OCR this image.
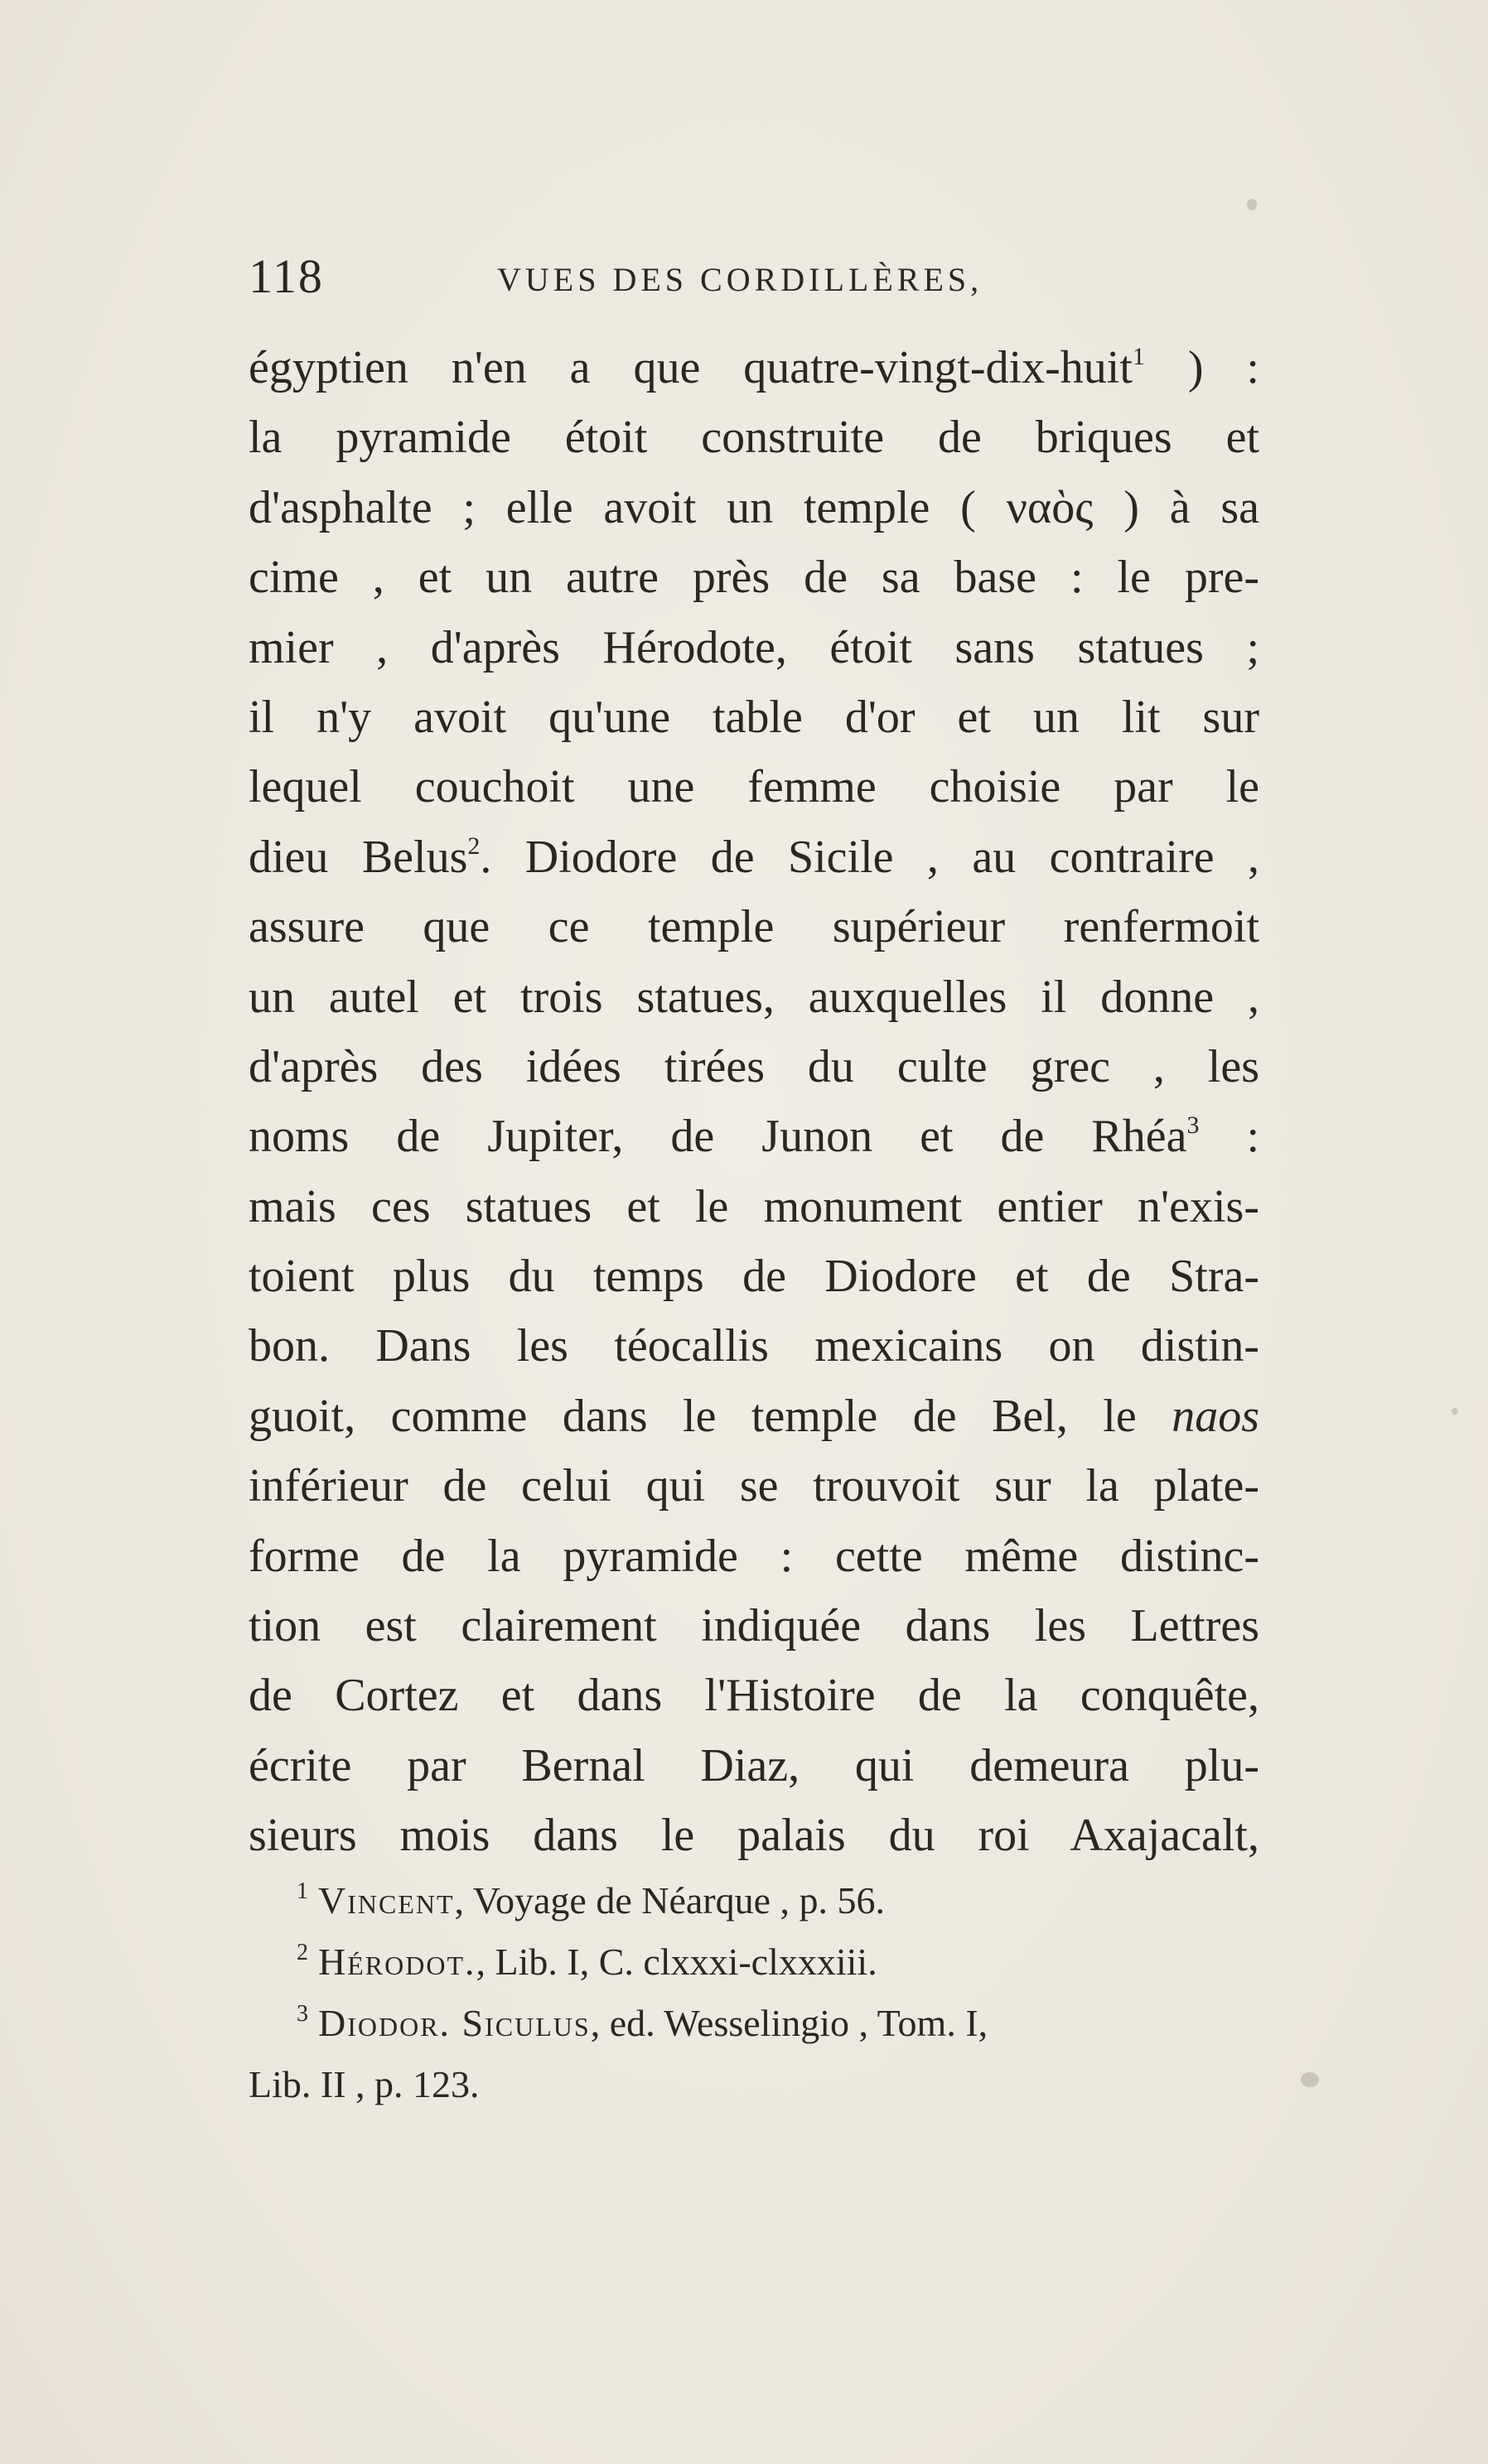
118	VUES DES CORDILLÈRES,
égyptien n'en a que quatre-vingt-dix-huit$^1$ ) :
la pyramide étoit construite de briques et
d'asphalte ; elle avoit un temple ( ναὸς ) à sa
cime , et un autre près de sa base : le pre-
mier , d'après Hérodote, étoit sans statues ;
il n'y avoit qu'une table d'or et un lit sur
lequel couchoit une femme choisie par le
dieu Belus$^2$. Diodore de Sicile , au contraire ,
assure que ce temple supérieur renfermoit
un autel et trois statues, auxquelles il donne ,
d'après des idées tirées du culte grec , les
noms de Jupiter, de Junon et de Rhéa$^3$ :
mais ces statues et le monument entier n'exis-
toient plus du temps de Diodore et de Stra-
bon. Dans les téocallis mexicains on distin-
guoit, comme dans le temple de Bel, le naos
inférieur de celui qui se trouvoit sur la plate-
forme de la pyramide : cette même distinc-
tion est clairement indiquée dans les Lettres
de Cortez et dans l'Histoire de la conquête,
écrite par Bernal Diaz, qui demeura plu-
sieurs mois dans le palais du roi Axajacalt,
$^1$ Vincent, Voyage de Néarque , p. 56.
$^2$ Hérodot., Lib. I, C. clxxxi-clxxxiii.
$^3$ Diodor. Siculus, ed. Wesselingio , Tom. I,
Lib. II , p. 123.
